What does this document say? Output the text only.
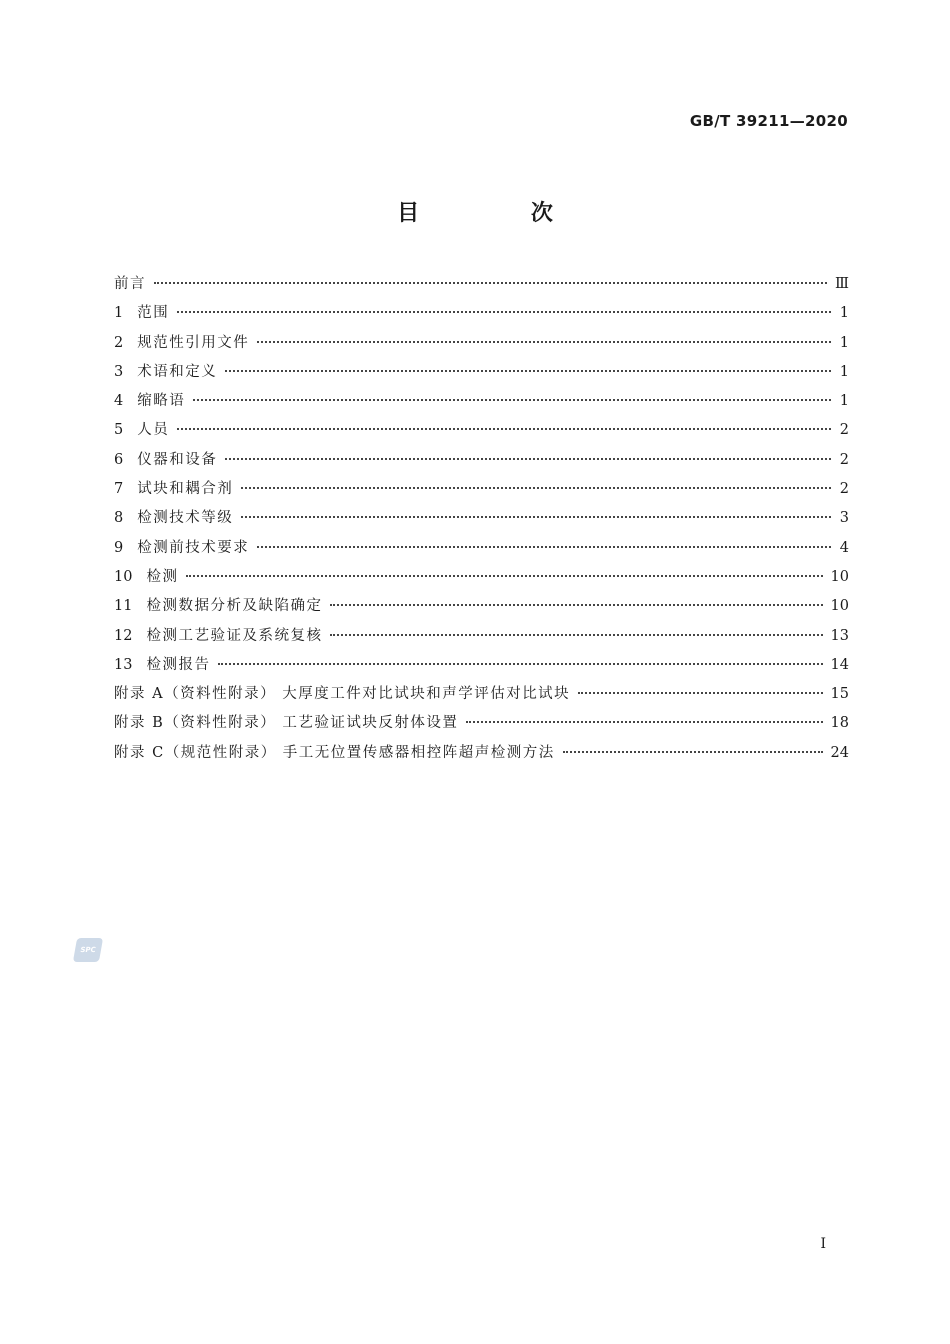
GB/T 39211—2020
目 次
前言	Ⅲ
1 范围	1
2 规范性引用文件	1
3 术语和定义	1
4 缩略语	1
5 人员	2
6 仪器和设备	2
7 试块和耦合剂	2
8 检测技术等级	3
9 检测前技术要求	4
10 检测	10
11 检测数据分析及缺陷确定	10
12 检测工艺验证及系统复核	13
13 检测报告	14
附录 A（资料性附录） 大厚度工件对比试块和声学评估对比试块	15
附录 B（资料性附录） 工艺验证试块反射体设置	18
附录 C（规范性附录） 手工无位置传感器相控阵超声检测方法	24
SPC
Ⅰ
